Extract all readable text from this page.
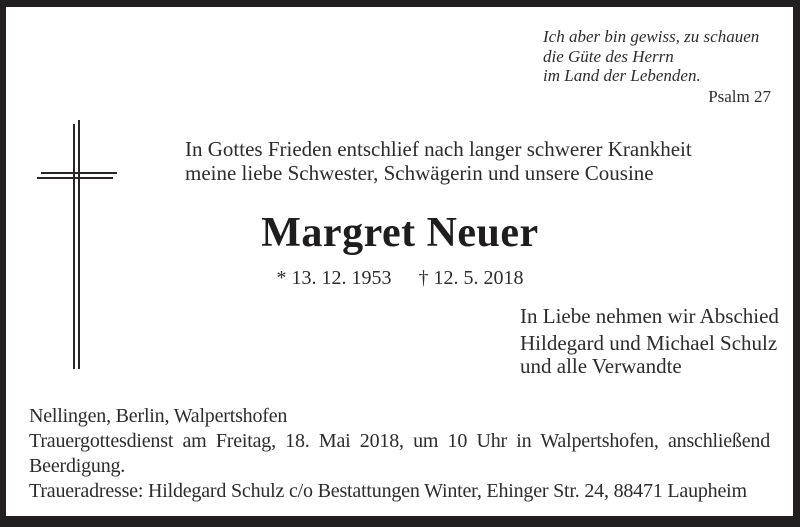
Ich aber bin gewiss, zu schauen
die Güte des Herrn
im Land der Lebenden.
Psalm 27
In Gottes Frieden entschlief nach langer schwerer Krankheit
meine liebe Schwester, Schwägerin und unsere Cousine
Margret Neuer
* 13. 12. 1953 † 12. 5. 2018
In Liebe nehmen wir Abschied
Hildegard und Michael Schulz
und alle Verwandte
Nellingen, Berlin, Walpertshofen
Trauergottesdienst am Freitag, 18. Mai 2018, um 10 Uhr in Walpertshofen, anschließend
Beerdigung.
Traueradresse: Hildegard Schulz c/o Bestattungen Winter, Ehinger Str. 24, 88471 Laupheim
